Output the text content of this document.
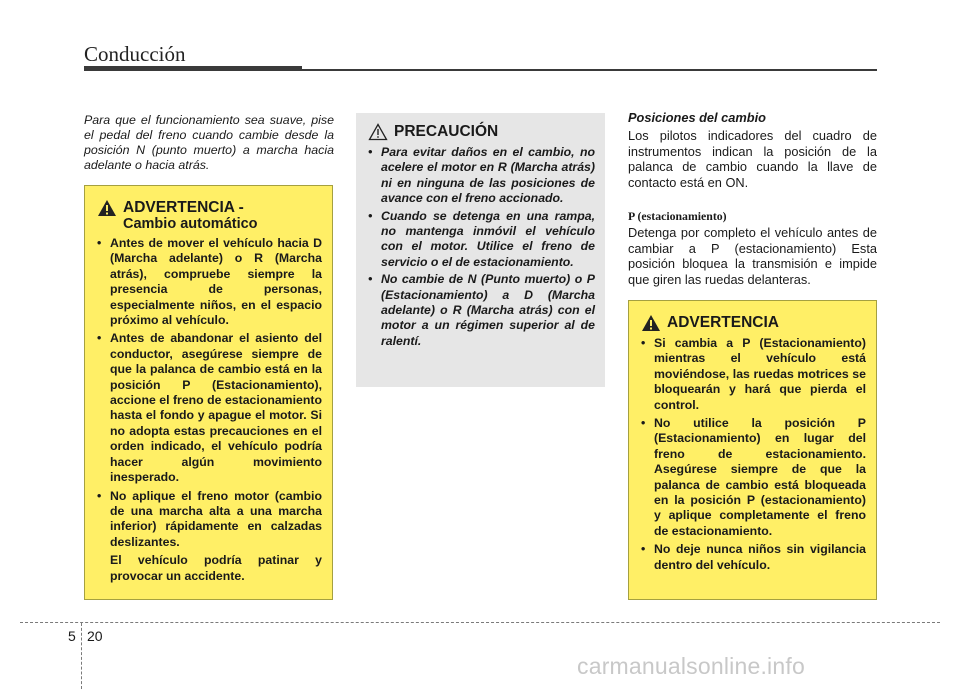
Conducción
Para que el funcionamiento sea suave, pise el pedal del freno cuando cambie desde la posición N (punto muerto) a marcha hacia adelante o hacia atrás.
ADVERTENCIA -
Cambio automático
• Antes de mover el vehículo hacia D (Marcha adelante) o R (Marcha atrás), compruebe siempre la presencia de personas, especialmente niños, en el espacio próximo al vehículo.
• Antes de abandonar el asiento del conductor, asegúrese siempre de que la palanca de cambio está en la posición P (Estacionamiento), accione el freno de estacionamiento hasta el fondo y apague el motor. Si no adopta estas precauciones en el orden indicado, el vehículo podría hacer algún movimiento inesperado.
• No aplique el freno motor (cambio de una marcha alta a una marcha inferior) rápidamente en calzadas deslizantes.
El vehículo podría patinar y provocar un accidente.
PRECAUCIÓN
• Para evitar daños en el cambio, no acelere el motor en R (Marcha atrás) ni en ninguna de las posiciones de avance con el freno accionado.
• Cuando se detenga en una rampa, no mantenga inmóvil el vehículo con el motor. Utilice el freno de servicio o el de estacionamiento.
• No cambie de N (Punto muerto) o P (Estacionamiento) a D (Marcha adelante) o R (Marcha atrás) con el motor a un régimen superior al de ralentí.
Posiciones del cambio
Los pilotos indicadores del cuadro de instrumentos indican la posición de la palanca de cambio cuando la llave de contacto está en ON.
P (estacionamiento)
Detenga por completo el vehículo antes de cambiar a P (estacionamiento) Esta posición bloquea la transmisión e impide que giren las ruedas delanteras.
ADVERTENCIA
• Si cambia a P (Estacionamiento) mientras el vehículo está moviéndose, las ruedas motrices se bloquearán y hará que pierda el control.
• No utilice la posición P (Estacionamiento) en lugar del freno de estacionamiento. Asegúrese siempre de que la palanca de cambio está bloqueada en la posición P (estacionamiento) y aplique completamente el freno de estacionamiento.
• No deje nunca niños sin vigilancia dentro del vehículo.
5 20
carmanualsonline.info
